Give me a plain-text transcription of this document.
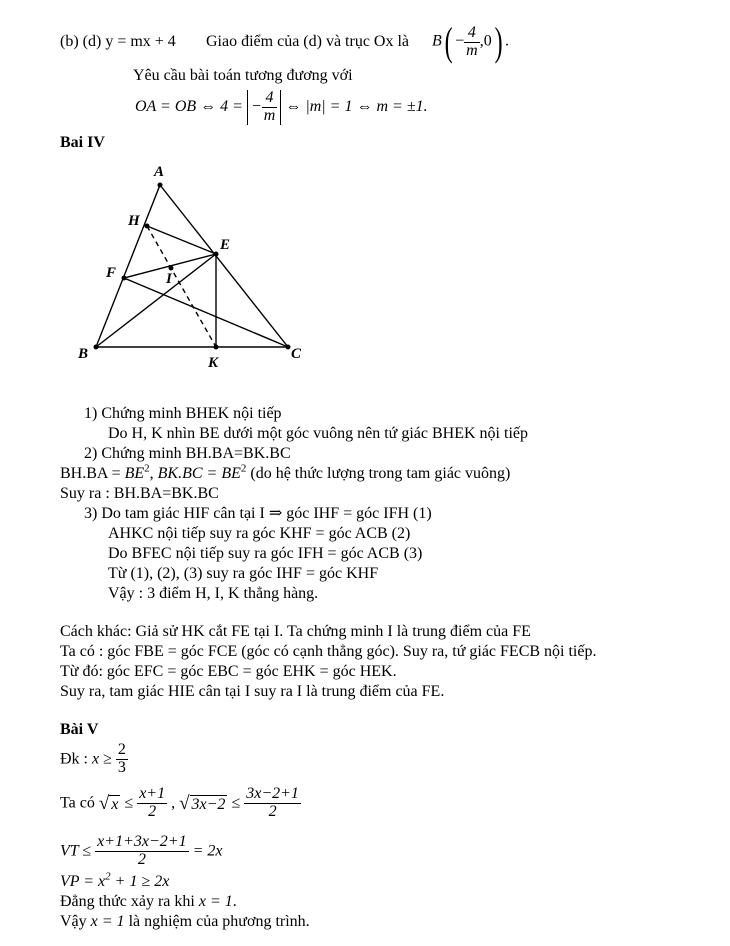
(b) (d) y = mx + 4 Giao điểm của (d) và trục Ox là $B( - \frac{4}{m} ,0)$ .
Yêu cầu bài toán tương đương với
OA = OB ⇔ 4 = − $\frac{4}{m}$ ⇔ |m| = 1 ⇔ m = ±1.
Bai IV
A
H
E
F	I
B
K
C
1) Chứng minh BHEK nội tiếp
Do H, K nhìn BE dưới một góc vuông nên tứ giác BHEK nội tiếp
2) Chứng minh BH.BA=BK.BC
$BH.BA = BE^2$, $BK.BC = BE^2$ (do hệ thức lượng trong tam giác vuông)
Suy ra : BH.BA=BK.BC
3) Do tam giác HIF cân tại I ⇒ góc IHF = góc IFH (1)
AHKC nội tiếp suy ra góc KHF = góc ACB (2)
Do BFEC nội tiếp suy ra góc IFH = góc ACB (3)
Từ (1), (2), (3) suy ra góc IHF = góc KHF
Vậy : 3 điểm H, I, K thẳng hàng.
Cách khác: Giả sử HK cắt FE tại I. Ta chứng minh I là trung điểm của FE
Ta có : góc FBE = góc FCE (góc có cạnh thẳng góc). Suy ra, tứ giác FECB nội tiếp.
Từ đó: góc EFC = góc EBC = góc EHK = góc HEK.
Suy ra, tam giác HIE cân tại I suy ra I là trung điểm của FE.
Bài V
Đk : $x \ge \frac{2}{3}$
Ta có √ $x \le \frac{x+1}{2}$ , √ $3x-2 \le \frac{3x-2+1}{2}$
VT ≤ $\frac{x+1+3x-2+1}{2} = 2x$
VP = $x^2 + 1 \ge 2x$
Đẳng thức xảy ra khi x = 1.
Vậy x = 1 là nghiệm của phương trình.
